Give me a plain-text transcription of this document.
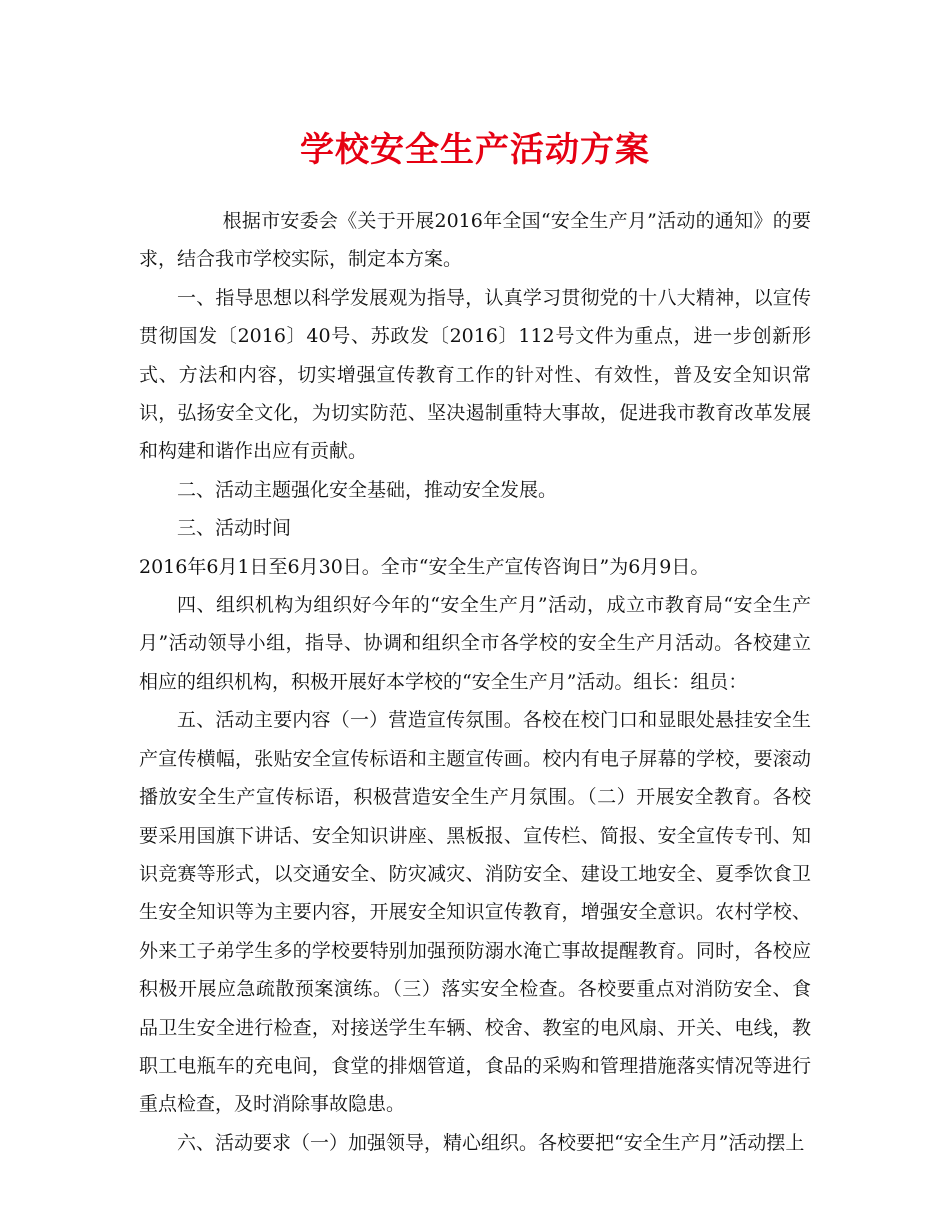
学校安全生产活动方案

根据市安委会《关于开展2016年全国“安全生产月”活动的通知》的要求，结合我市学校实际，制定本方案。

一、指导思想以科学发展观为指导，认真学习贯彻党的十八大精神，以宣传贯彻国发〔2016〕40号、苏政发〔2016〕112号文件为重点，进一步创新形式、方法和内容，切实增强宣传教育工作的针对性、有效性，普及安全知识常识，弘扬安全文化，为切实防范、坚决遏制重特大事故，促进我市教育改革发展和构建和谐作出应有贡献。

二、活动主题强化安全基础，推动安全发展。

三、活动时间

2016年6月1日至6月30日。全市“安全生产宣传咨询日”为6月9日。

四、组织机构为组织好今年的“安全生产月”活动，成立市教育局“安全生产月”活动领导小组，指导、协调和组织全市各学校的安全生产月活动。各校建立相应的组织机构，积极开展好本学校的“安全生产月”活动。组长：组员：

五、活动主要内容（一）营造宣传氛围。各校在校门口和显眼处悬挂安全生产宣传横幅，张贴安全宣传标语和主题宣传画。校内有电子屏幕的学校，要滚动播放安全生产宣传标语，积极营造安全生产月氛围。（二）开展安全教育。各校要采用国旗下讲话、安全知识讲座、黑板报、宣传栏、简报、安全宣传专刊、知识竞赛等形式，以交通安全、防灾减灾、消防安全、建设工地安全、夏季饮食卫生安全知识等为主要内容，开展安全知识宣传教育，增强安全意识。农村学校、外来工子弟学生多的学校要特别加强预防溺水淹亡事故提醒教育。同时，各校应积极开展应急疏散预案演练。（三）落实安全检查。各校要重点对消防安全、食品卫生安全进行检查，对接送学生车辆、校舍、教室的电风扇、开关、电线，教职工电瓶车的充电间，食堂的排烟管道，食品的采购和管理措施落实情况等进行重点检查，及时消除事故隐患。

六、活动要求（一）加强领导，精心组织。各校要把“安全生产月”活动摆上
